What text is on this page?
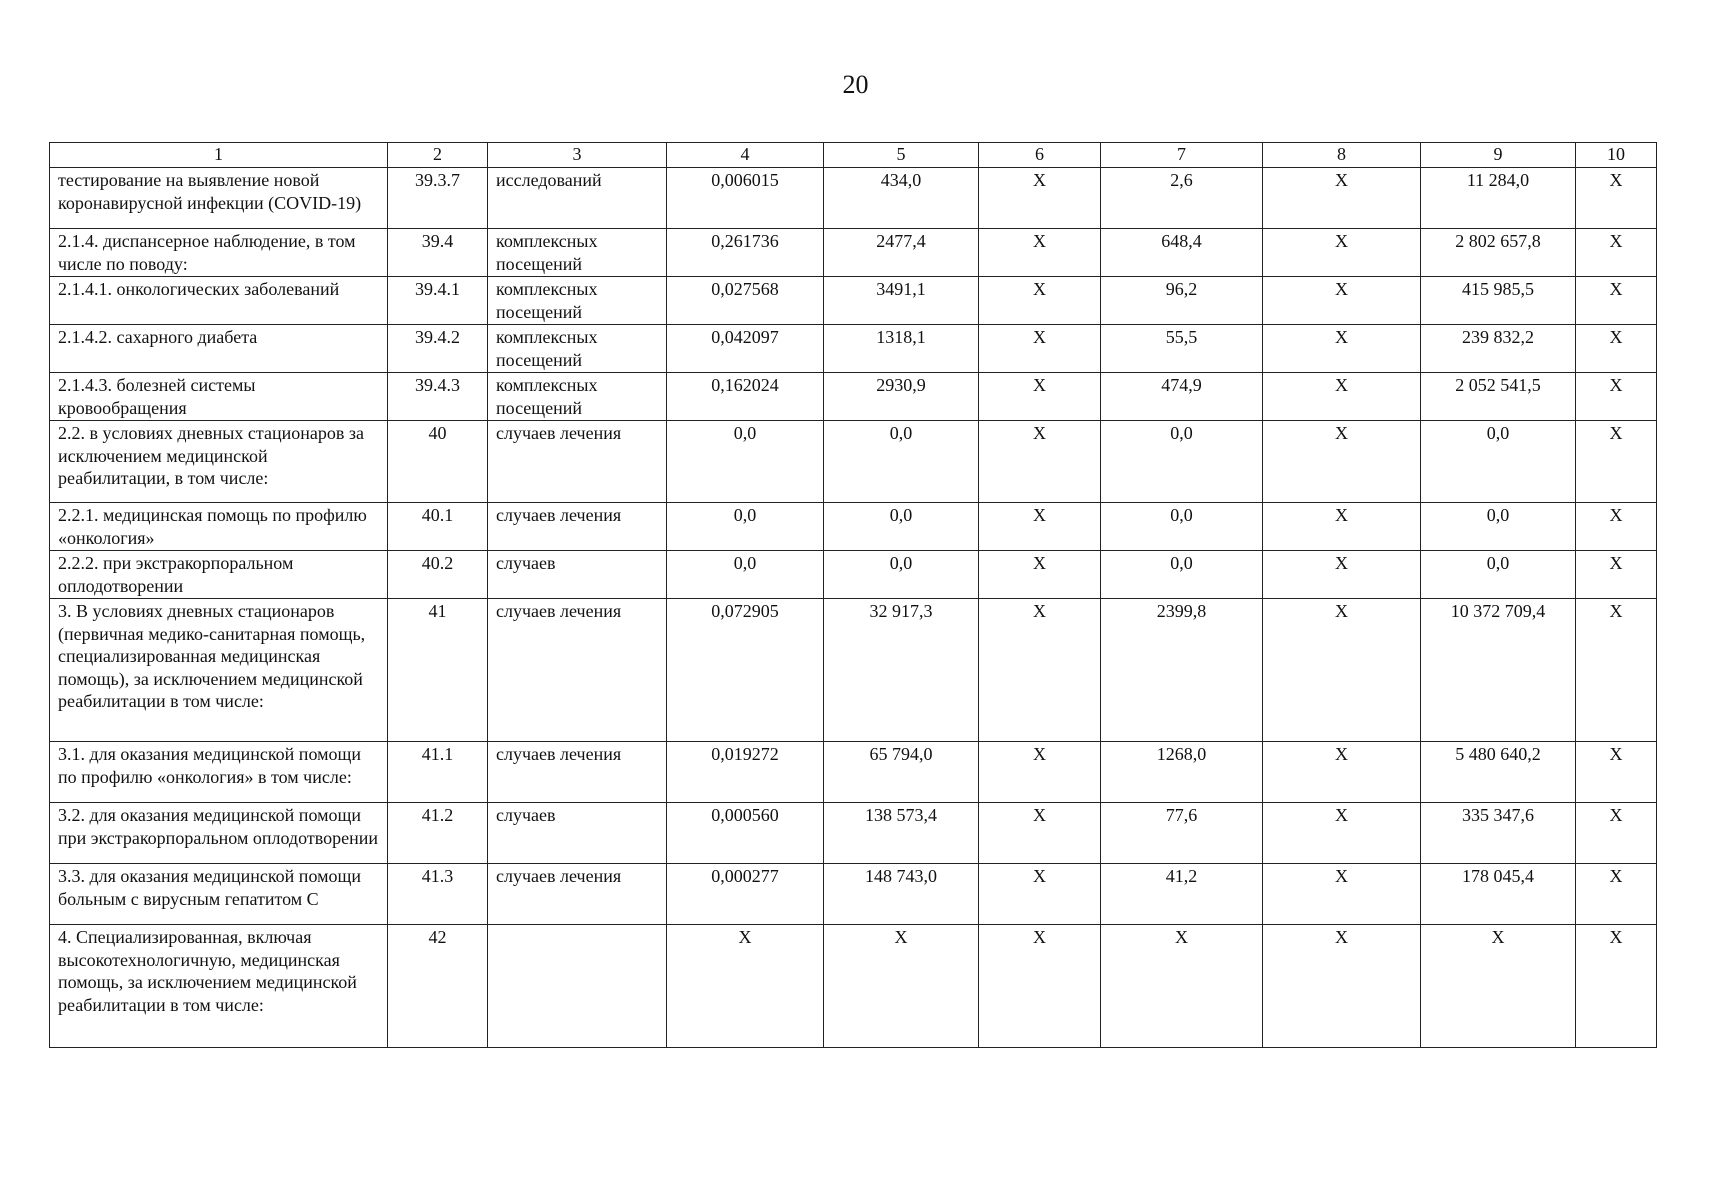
20
1	2	3	4	5	6	7	8	9	10
тестирование на выявление новой коронавирусной инфекции (COVID-19)	39.3.7	исследований	0,006015	434,0	X	2,6	X	11 284,0	X
2.1.4. диспансерное наблюдение, в том числе по поводу:	39.4	комплексных посещений	0,261736	2477,4	X	648,4	X	2 802 657,8	X
2.1.4.1. онкологических заболеваний	39.4.1	комплексных посещений	0,027568	3491,1	X	96,2	X	415 985,5	X
2.1.4.2. сахарного диабета	39.4.2	комплексных посещений	0,042097	1318,1	X	55,5	X	239 832,2	X
2.1.4.3. болезней системы кровообращения	39.4.3	комплексных посещений	0,162024	2930,9	X	474,9	X	2 052 541,5	X
2.2. в условиях дневных стационаров за исключением медицинской реабилитации, в том числе:	40	случаев лечения	0,0	0,0	X	0,0	X	0,0	X
2.2.1. медицинская помощь по профилю «онкология»	40.1	случаев лечения	0,0	0,0	X	0,0	X	0,0	X
2.2.2. при экстракорпоральном оплодотворении	40.2	случаев	0,0	0,0	X	0,0	X	0,0	X
3. В условиях дневных стационаров (первичная медико-санитарная помощь, специализированная медицинская помощь), за исключением медицинской реабилитации в том числе:	41	случаев лечения	0,072905	32 917,3	X	2399,8	X	10 372 709,4	X
3.1. для оказания медицинской помощи по профилю «онкология» в том числе:	41.1	случаев лечения	0,019272	65 794,0	X	1268,0	X	5 480 640,2	X
3.2. для оказания медицинской помощи при экстракорпоральном оплодотворении	41.2	случаев	0,000560	138 573,4	X	77,6	X	335 347,6	X
3.3. для оказания медицинской помощи больным с вирусным гепатитом С	41.3	случаев лечения	0,000277	148 743,0	X	41,2	X	178 045,4	X
4. Специализированная, включая высокотехнологичную, медицинская помощь, за исключением медицинской реабилитации в том числе:	42		X	X	X	X	X	X	X
